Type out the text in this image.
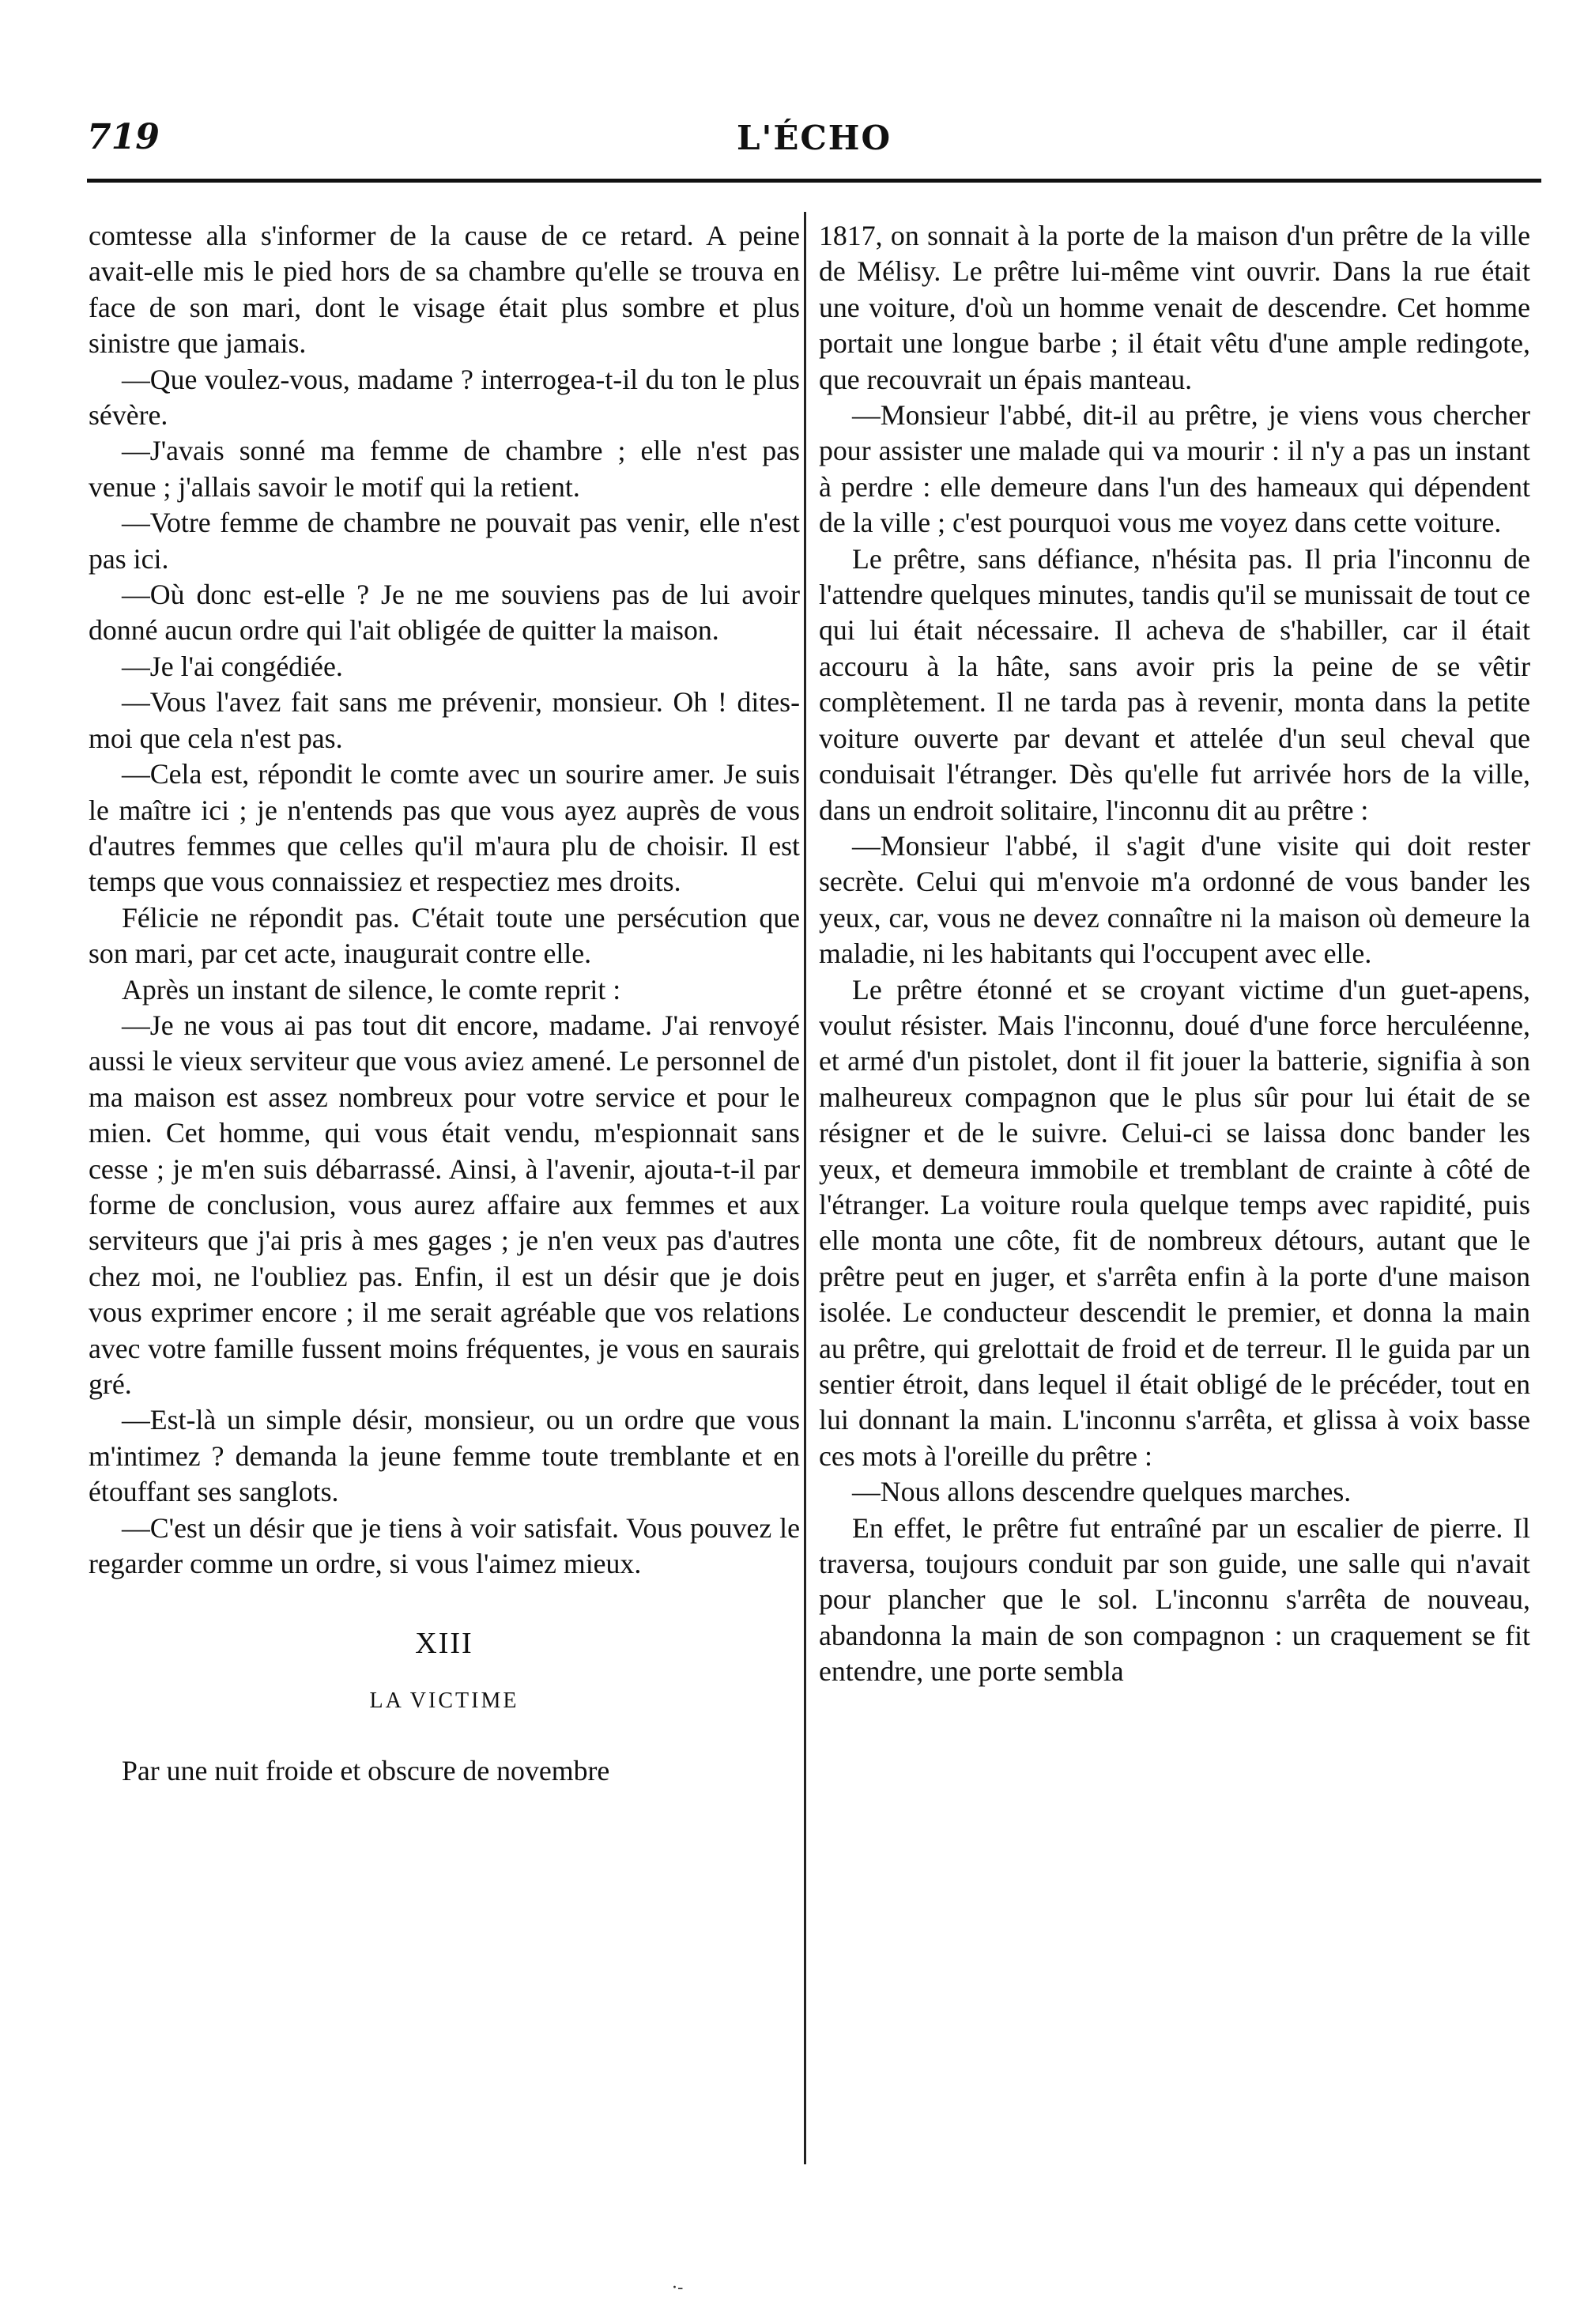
719	L'ÉCHO

comtesse alla s'informer de la cause de ce retard. A peine avait-elle mis le pied hors de sa chambre qu'elle se trouva en face de son mari, dont le visage était plus sombre et plus sinistre que jamais.

—Que voulez-vous, madame ? interrogea-t-il du ton le plus sévère.

—J'avais sonné ma femme de chambre ; elle n'est pas venue ; j'allais savoir le motif qui la retient.

—Votre femme de chambre ne pouvait pas venir, elle n'est pas ici.

—Où donc est-elle ? Je ne me souviens pas de lui avoir donné aucun ordre qui l'ait obligée de quitter la maison.

—Je l'ai congédiée.

—Vous l'avez fait sans me prévenir, monsieur. Oh ! dites-moi que cela n'est pas.

—Cela est, répondit le comte avec un sourire amer. Je suis le maître ici ; je n'entends pas que vous ayez auprès de vous d'autres femmes que celles qu'il m'aura plu de choisir. Il est temps que vous connaissiez et respectiez mes droits.

Félicie ne répondit pas. C'était toute une persécution que son mari, par cet acte, inaugurait contre elle.

Après un instant de silence, le comte reprit :

—Je ne vous ai pas tout dit encore, madame. J'ai renvoyé aussi le vieux serviteur que vous aviez amené. Le personnel de ma maison est assez nombreux pour votre service et pour le mien. Cet homme, qui vous était vendu, m'espionnait sans cesse ; je m'en suis débarrassé. Ainsi, à l'avenir, ajouta-t-il par forme de conclusion, vous aurez affaire aux femmes et aux serviteurs que j'ai pris à mes gages ; je n'en veux pas d'autres chez moi, ne l'oubliez pas. Enfin, il est un désir que je dois vous exprimer encore ; il me serait agréable que vos relations avec votre famille fussent moins fréquentes, je vous en saurais gré.

—Est-là un simple désir, monsieur, ou un ordre que vous m'intimez ? demanda la jeune femme toute tremblante et en étouffant ses sanglots.

—C'est un désir que je tiens à voir satisfait. Vous pouvez le regarder comme un ordre, si vous l'aimez mieux.

XIII

LA VICTIME

Par une nuit froide et obscure de novembre

1817, on sonnait à la porte de la maison d'un prêtre de la ville de Mélisy. Le prêtre lui-même vint ouvrir. Dans la rue était une voiture, d'où un homme venait de descendre. Cet homme portait une longue barbe ; il était vêtu d'une ample redingote, que recouvrait un épais manteau.

—Monsieur l'abbé, dit-il au prêtre, je viens vous chercher pour assister une malade qui va mourir : il n'y a pas un instant à perdre : elle demeure dans l'un des hameaux qui dépendent de la ville ; c'est pourquoi vous me voyez dans cette voiture.

Le prêtre, sans défiance, n'hésita pas. Il pria l'inconnu de l'attendre quelques minutes, tandis qu'il se munissait de tout ce qui lui était nécessaire. Il acheva de s'habiller, car il était accouru à la hâte, sans avoir pris la peine de se vêtir complètement. Il ne tarda pas à revenir, monta dans la petite voiture ouverte par devant et attelée d'un seul cheval que conduisait l'étranger. Dès qu'elle fut arrivée hors de la ville, dans un endroit solitaire, l'inconnu dit au prêtre :

—Monsieur l'abbé, il s'agit d'une visite qui doit rester secrète. Celui qui m'envoie m'a ordonné de vous bander les yeux, car, vous ne devez connaître ni la maison où demeure la maladie, ni les habitants qui l'occupent avec elle.

Le prêtre étonné et se croyant victime d'un guet-apens, voulut résister. Mais l'inconnu, doué d'une force herculéenne, et armé d'un pistolet, dont il fit jouer la batterie, signifia à son malheureux compagnon que le plus sûr pour lui était de se résigner et de le suivre. Celui-ci se laissa donc bander les yeux, et demeura immobile et tremblant de crainte à côté de l'étranger. La voiture roula quelque temps avec rapidité, puis elle monta une côte, fit de nombreux détours, autant que le prêtre peut en juger, et s'arrêta enfin à la porte d'une maison isolée. Le conducteur descendit le premier, et donna la main au prêtre, qui grelottait de froid et de terreur. Il le guida par un sentier étroit, dans lequel il était obligé de le précéder, tout en lui donnant la main. L'inconnu s'arrêta, et glissa à voix basse ces mots à l'oreille du prêtre :

—Nous allons descendre quelques marches.

En effet, le prêtre fut entraîné par un escalier de pierre. Il traversa, toujours conduit par son guide, une salle qui n'avait pour plancher que le sol. L'inconnu s'arrêta de nouveau, abandonna la main de son compagnon : un craquement se fit entendre, une porte sembla

·-
